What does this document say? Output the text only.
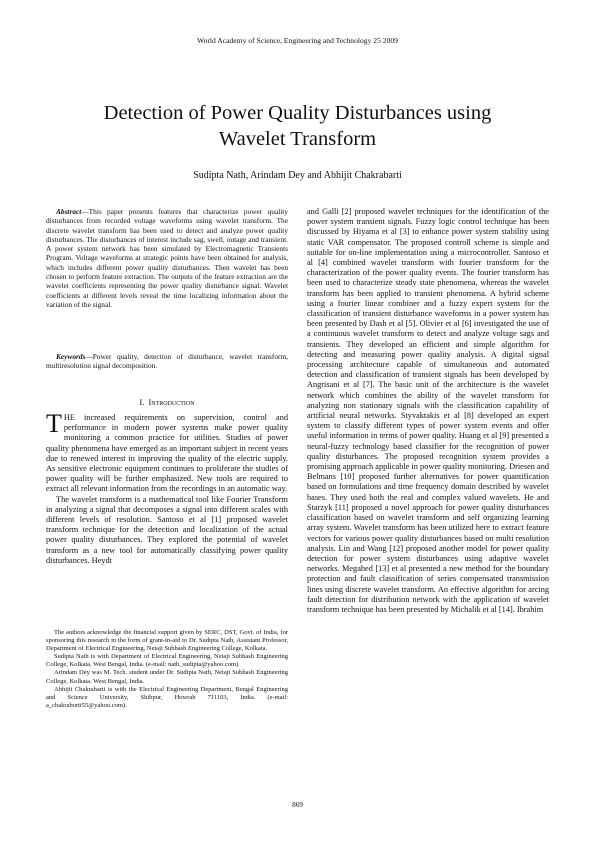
World Academy of Science, Engineering and Technology 25 2009
Detection of Power Quality Disturbances using
Wavelet Transform
Sudipta Nath, Arindam Dey and Abhijit Chakrabarti

Abstract—This paper presents features that characterize power quality disturbances from recorded voltage waveforms using wavelet transform. The discrete wavelet transform has been used to detect and analyze power quality disturbances. The disturbances of interest include sag, swell, outage and transient. A power system network has been simulated by Electromagnetic Transients Program. Voltage waveforms at strategic points have been obtained for analysis, which includes different power quality disturbances. Then wavelet has been chosen to perform feature extraction. The outputs of the feature extraction are the wavelet coefficients representing the power quality disturbance signal. Wavelet coefficients at different levels reveal the time localizing information about the variation of the signal.

Keywords—Power quality, detection of disturbance, wavelet transform, multiresolution signal decomposition.

I. Introduction

THE increased requirements on supervision, control and performance in modern power systems make power quality monitoring a common practice for utilities. Studies of power quality phenomena have emerged as an important subject in recent years due to renewed interest in improving the quality of the electric supply. As sensitive electronic equipment continues to proliferate the studies of power quality will be further emphasized. New tools are required to extract all relevant information from the recordings in an automatic way.

The wavelet transform is a mathematical tool like Fourier Transform in analyzing a signal that decomposes a signal into different scales with different levels of resolution. Santoso et al [1] proposed wavelet transform technique for the detection and localization of the actual power quality disturbances. They explored the potential of wavelet transform as a new tool for automatically classifying power quality disturbances. Heydt

The authors acknowledge the financial support given by SERC, DST, Govt. of India, for sponsoring this research in the form of grant-in-aid to Dr. Sudipta Nath, Assistant Professor, Department of Electrical Engineering, Netaji Subhash Engineering College, Kolkata.

Sudipta Nath is with Department of Electrical Engineering, Netaji Subhash Engineering College, Kolkata. West Bengal, India. (e-mail: nath_sudipta@yahoo.com).

Arindam Dey was M. Tech. student under Dr. Sudipta Nath, Netaji Subhash Engineering College, Kolkata. West Bengal, India.

Abhijit Chakrabarti is with the Electrical Engineering Department, Bengal Engineering and Science University, Shibpur, Howrah 711103, India. (e-mail: a_chakraborti55@yahoo.com).

and Galli [2] proposed wavelet techniques for the identification of the power system transient signals. Fuzzy logic control technique has been discussed by Hiyama et al [3] to enhance power system stability using static VAR compensator. The proposed controll scheme is simple and suitable for on-line implementation using a microcontroller. Santoso et al [4] combined wavelet transform with fourier transform for the characterization of the power quality events. The fourier transform has been used to characterize steady state phenomena, whereas the wavelet transform has been applied to transient phenomena. A hybrid scheme using a fourier linear combiner and a fuzzy expert system for the classification of transient disturbance waveforms in a power system has been presented by Dash et al [5]. Olivier et al [6] investigated the use of a continuous wavelet transform to detect and analyze voltage sags and transients. They developed an efficient and simple algorithm for detecting and measuring power quality analysis. A digital signal processing architecture capable of simultaneous and automated detection and classification of transient signals has been developed by Angrisani et al [7]. The basic unit of the architecture is the wavelet network which combines the ability of the wavelet transform for analyzing non stationary signals with the classification capability of artificial neural networks. Styvaktakis et al [8] developed an expert system to classify different types of power system events and offer useful information in terms of power quality. Huang et al [9] presented a neural-fuzzy technology based classifier for the recognition of power quality disturbances. The proposed recognition system provides a promising approach applicable in power quality monitoring. Driesen and Belmans [10] proposed further alternatives for power quantification based on formulations and time frequency domain described by wavelet bases. They used both the real and complex valued wavelets. He and Starzyk [11] proposed a novel approach for power quality disturbances classification based on wavelet transform and self organizing learning array system. Wavelet transform has been utilized here to extract feature vectors for various power quality disturbances based on multi resolution analysis. Lin and Wang [12] proposed another model for power quality detection for power system disturbances using adaptive wavelet networks. Megahed [13] et al presented a new method for the boundary protection and fault classification of series compensated transmission lines using discrete wavelet transform. An effective algorithm for arcing fault detection for distribution network with the application of wavelet transform technique has been presented by Michalik et al [14]. Ibrahim

869
